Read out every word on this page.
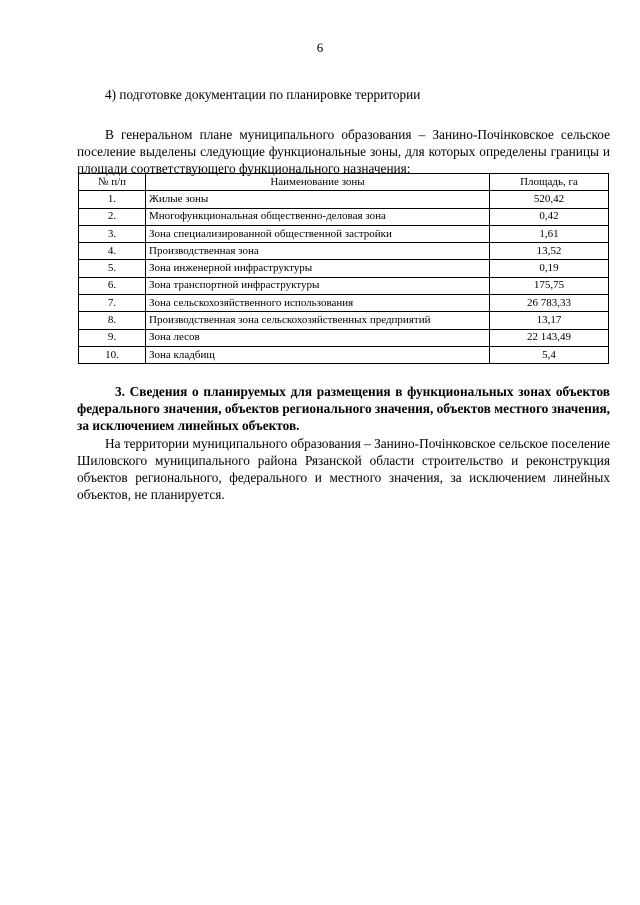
6
4) подготовке документации по планировке территории
В генеральном плане муниципального образования – Занино-Почінковское сельское поселение выделены следующие функциональные зоны, для которых определены границы и площади соответствующего функционального назначения:
№ п/п	Наименование зоны	Площадь, га
1.	Жилые зоны	520,42
2.	Многофункциональная общественно-деловая зона	0,42
3.	Зона специализированной общественной застройки	1,61
4.	Производственная зона	13,52
5.	Зона инженерной инфраструктуры	0,19
6.	Зона транспортной инфраструктуры	175,75
7.	Зона сельскохозяйственного использования	26 783,33
8.	Производственная зона сельскохозяйственных предприятий	13,17
9.	Зона лесов	22 143,49
10.	Зона кладбищ	5,4
3. Сведения о планируемых для размещения в функциональных зонах объектов федерального значения, объектов регионального значения, объектов местного значения, за исключением линейных объектов.
На территории муниципального образования – Занино-Почінковское сельское поселение Шиловского муниципального района Рязанской области строительство и реконструкция объектов регионального, федерального и местного значения, за исключением линейных объектов, не планируется.
